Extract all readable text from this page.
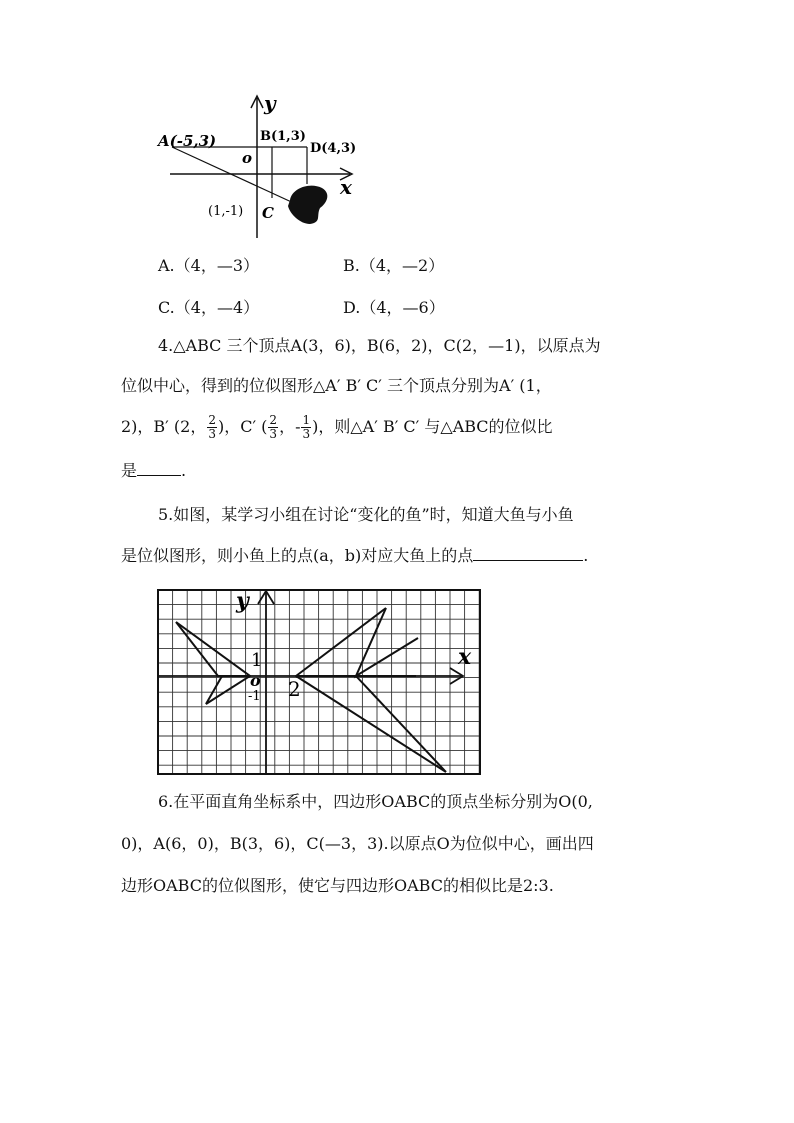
A(-5,3)	B(1,3)
D(4,3)
o
C
(1,-1)
x
y
A.（4，—3）	B.（4，—2）
C.（4，—4）	D.（4，—6）
4.△ABC 三个顶点A(3，6)，B(6，2)，C(2，—1)，以原点为
位似中心，得到的位似图形△A′ B′ C′ 三个顶点分别为A′ (1，
2)，B′ (2， $\frac{2}{3}$ )，C′ ( $\frac{2}{3}$ ，- $\frac{1}{3}$ )，则△A′ B′ C′ 与△ABC的位似比
是	.
5.如图，某学习小组在讨论“变化的鱼”时，知道大鱼与小鱼
是位似图形，则小鱼上的点(a，b)对应大鱼上的点	.
y
x
1
o
-1 2
6.在平面直角坐标系中，四边形OABC的顶点坐标分别为O(0,
0)，A(6，0)，B(3，6)，C(—3，3).以原点O为位似中心，画出四
边形OABC的位似图形，使它与四边形OABC的相似比是2:3.
